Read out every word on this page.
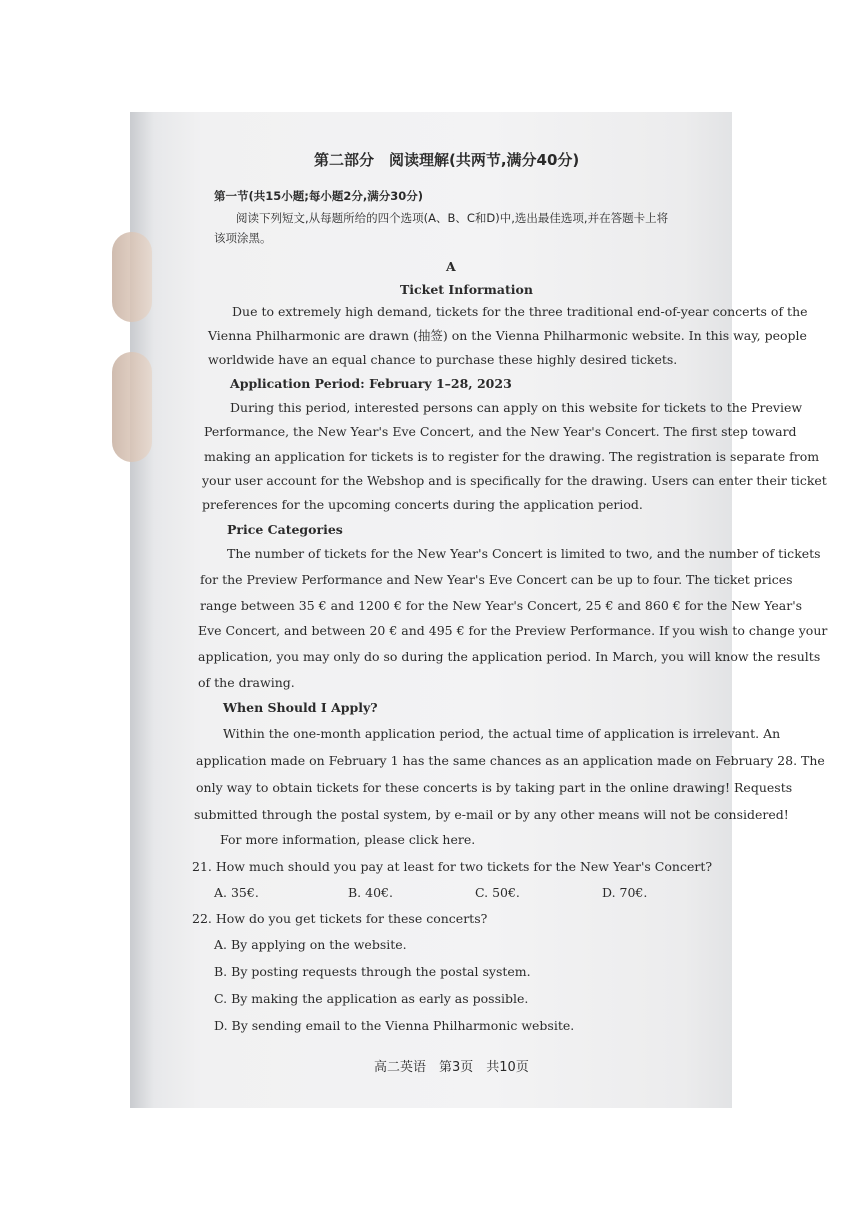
第二部分　阅读理解(共两节,满分40分)
第一节(共15小题;每小题2分,满分30分)
阅读下列短文,从每题所给的四个选项(A、B、C和D)中,选出最佳选项,并在答题卡上将
该项涂黑。
A
Ticket Information
Due to extremely high demand, tickets for the three traditional end-of-year concerts of the
Vienna Philharmonic are drawn (抽签) on the Vienna Philharmonic website. In this way, people
worldwide have an equal chance to purchase these highly desired tickets.
Application Period: February 1–28, 2023
During this period, interested persons can apply on this website for tickets to the Preview
Performance, the New Year's Eve Concert, and the New Year's Concert. The first step toward
making an application for tickets is to register for the drawing. The registration is separate from
your user account for the Webshop and is specifically for the drawing. Users can enter their ticket
preferences for the upcoming concerts during the application period.
Price Categories
The number of tickets for the New Year's Concert is limited to two, and the number of tickets
for the Preview Performance and New Year's Eve Concert can be up to four. The ticket prices
range between 35 € and 1200 € for the New Year's Concert, 25 € and 860 € for the New Year's
Eve Concert, and between 20 € and 495 € for the Preview Performance. If you wish to change your
application, you may only do so during the application period. In March, you will know the results
of the drawing.
When Should I Apply?
Within the one-month application period, the actual time of application is irrelevant. An
application made on February 1 has the same chances as an application made on February 28. The
only way to obtain tickets for these concerts is by taking part in the online drawing! Requests
submitted through the postal system, by e-mail or by any other means will not be considered!
For more information, please click here.
21. How much should you pay at least for two tickets for the New Year's Concert?
A. 35€.	B. 40€.	C. 50€.	D. 70€.
22. How do you get tickets for these concerts?
A. By applying on the website.
B. By posting requests through the postal system.
C. By making the application as early as possible.
D. By sending email to the Vienna Philharmonic website.
高二英语　第3页　共10页
